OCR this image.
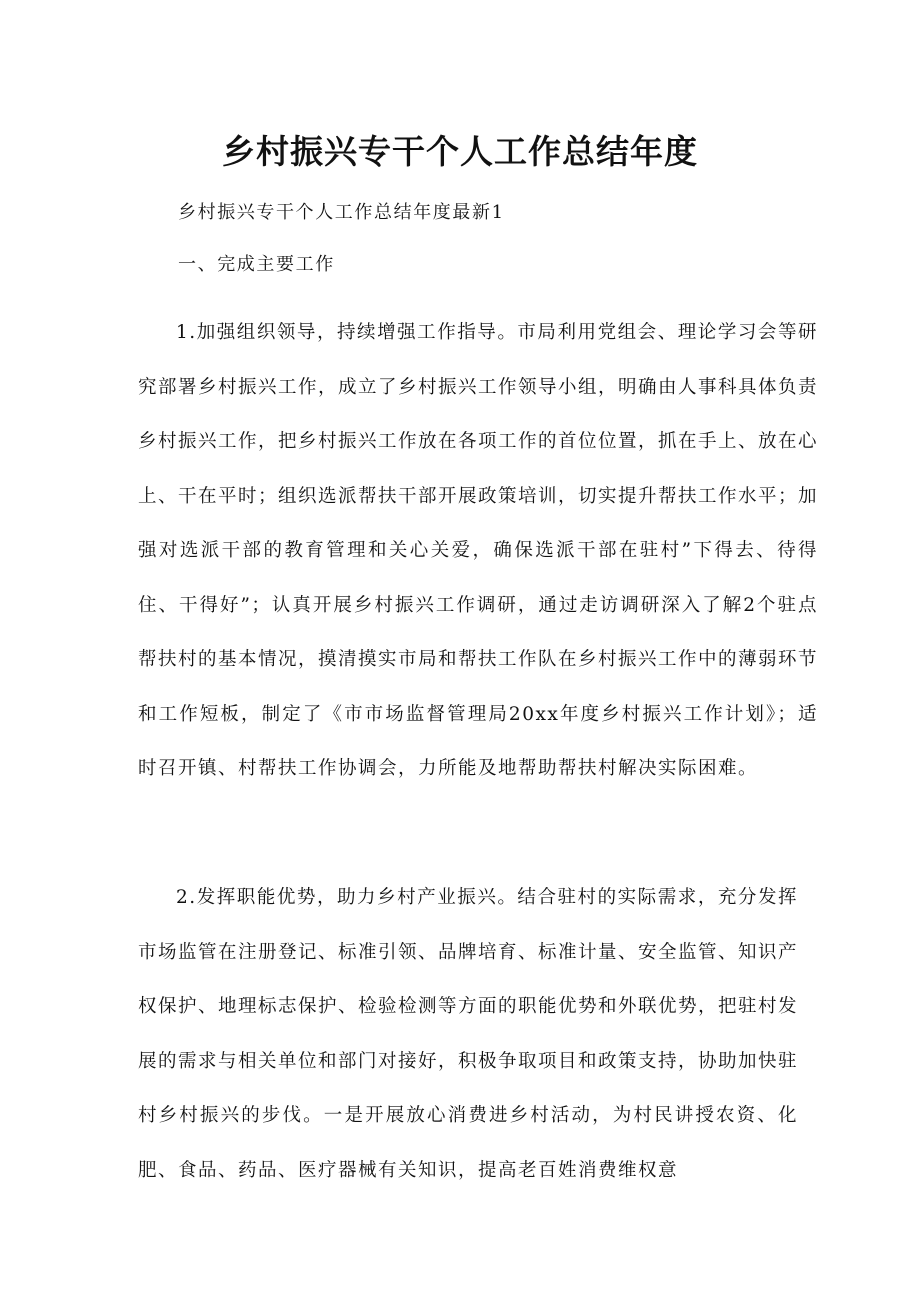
乡村振兴专干个人工作总结年度

乡村振兴专干个人工作总结年度最新1

一、完成主要工作

1.加强组织领导，持续增强工作指导。市局利用党组会、理论学习会等研究部署乡村振兴工作，成立了乡村振兴工作领导小组，明确由人事科具体负责乡村振兴工作，把乡村振兴工作放在各项工作的首位位置，抓在手上、放在心上、干在平时；组织选派帮扶干部开展政策培训，切实提升帮扶工作水平；加强对选派干部的教育管理和关心关爱，确保选派干部在驻村”下得去、待得住、干得好”；认真开展乡村振兴工作调研，通过走访调研深入了解2个驻点帮扶村的基本情况，摸清摸实市局和帮扶工作队在乡村振兴工作中的薄弱环节和工作短板，制定了《市市场监督管理局20xx年度乡村振兴工作计划》；适时召开镇、村帮扶工作协调会，力所能及地帮助帮扶村解决实际困难。

2.发挥职能优势，助力乡村产业振兴。结合驻村的实际需求，充分发挥市场监管在注册登记、标准引领、品牌培育、标准计量、安全监管、知识产权保护、地理标志保护、检验检测等方面的职能优势和外联优势，把驻村发展的需求与相关单位和部门对接好，积极争取项目和政策支持，协助加快驻村乡村振兴的步伐。一是开展放心消费进乡村活动，为村民讲授农资、化肥、食品、药品、医疗器械有关知识，提高老百姓消费维权意
